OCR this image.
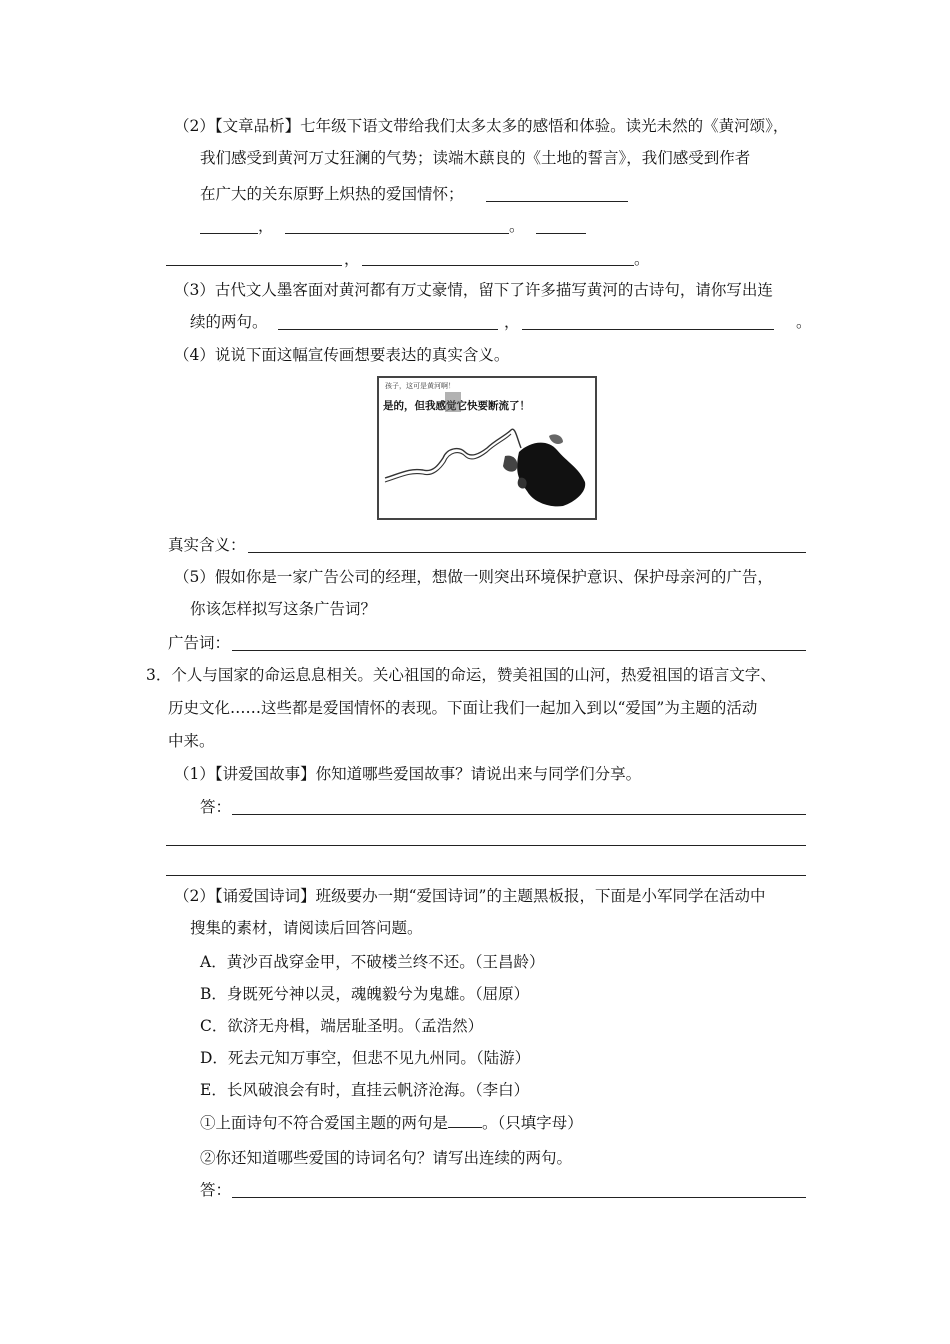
（2）【文章品析】七年级下语文带给我们太多太多的感悟和体验。读光未然的《黄河颂》，
我们感受到黄河万丈狂澜的气势；读端木蕻良的《土地的誓言》，我们感受到作者
在广大的关东原野上炽热的爱国情怀；
，	。
，	。
（3）古代文人墨客面对黄河都有万丈豪情，留下了许多描写黄河的古诗句，请你写出连
续的两句。	，	。
（4）说说下面这幅宣传画想要表达的真实含义。
孩子，这可是黄河啊！
是的，但我感觉它快要断流了！
真实含义：
（5）假如你是一家广告公司的经理，想做一则突出环境保护意识、保护母亲河的广告，
你该怎样拟写这条广告词？
广告词：
3．个人与国家的命运息息相关。关心祖国的命运，赞美祖国的山河，热爱祖国的语言文字、
历史文化……这些都是爱国情怀的表现。下面让我们一起加入到以“爱国”为主题的活动
中来。
（1）【讲爱国故事】你知道哪些爱国故事？请说出来与同学们分享。
答：
（2）【诵爱国诗词】班级要办一期“爱国诗词”的主题黑板报，下面是小军同学在活动中
搜集的素材，请阅读后回答问题。
A．黄沙百战穿金甲，不破楼兰终不还。（王昌龄）
B．身既死兮神以灵，魂魄毅兮为鬼雄。（屈原）
C．欲济无舟楫，端居耻圣明。（孟浩然）
D．死去元知万事空，但悲不见九州同。（陆游）
E．长风破浪会有时，直挂云帆济沧海。（李白）
①上面诗句不符合爱国主题的两句是 。（只填字母）
②你还知道哪些爱国的诗词名句？请写出连续的两句。
答：
